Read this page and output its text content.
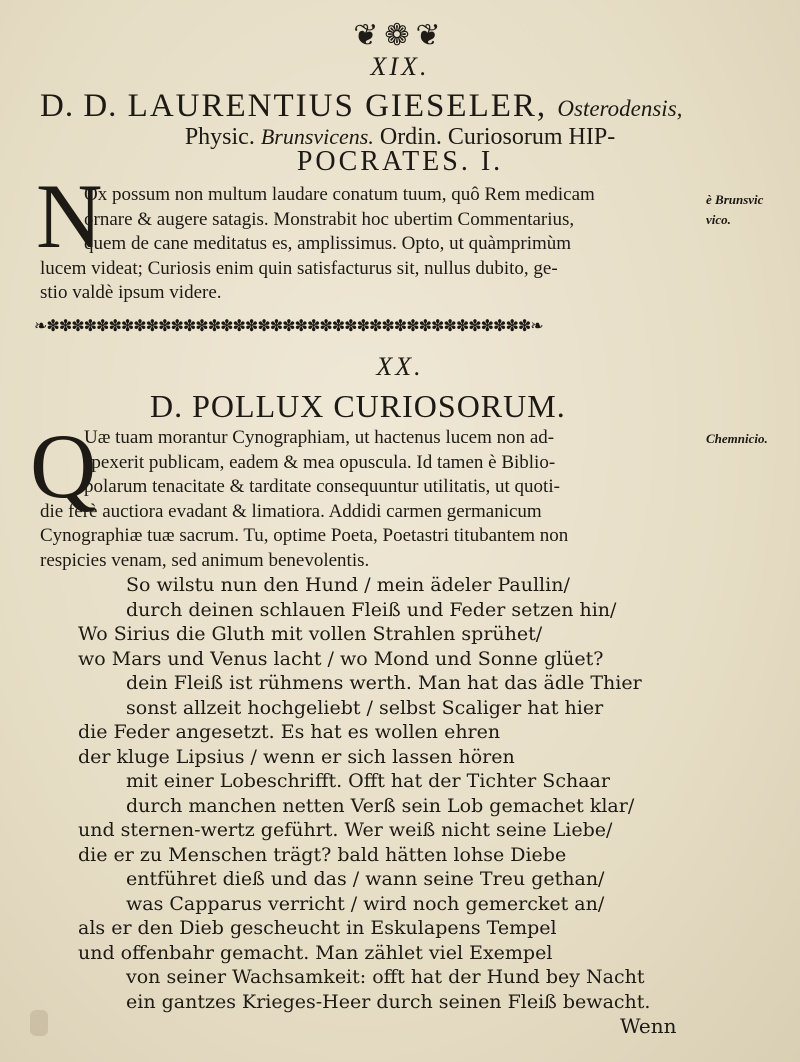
❦❁❦
XIX.
D. D. LAURENTIUS GIESELER, Osterodensis,
Physic. Brunsvicens. Ordin. Curiosorum HIP-
POCRATES. I.
N
Ox possum non multum laudare conatum tuum, quô Rem medicam
ornare & augere satagis. Monstrabit hoc ubertim Commentarius,
quem de cane meditatus es, amplissimus. Opto, ut quàmprimùm
lucem videat; Curiosis enim quin satisfacturus sit, nullus dubito, ge-
stio valdè ipsum videre.
è Brunsvic
vico.
❧✽✽✽✽✽✽✽✽✽✽✽✽✽✽✽✽✽✽✽✽✽✽✽✽✽✽✽✽✽✽✽✽✽✽✽✽✽✽✽❧
XX.
D. POLLUX CURIOSORUM.
Q
Uæ tuam morantur Cynographiam, ut hactenus lucem non ad-
spexerit publicam, eadem & mea opuscula. Id tamen è Biblio-
polarum tenacitate & tarditate consequuntur utilitatis, ut quoti-
die ferè auctiora evadant & limatiora. Addidi carmen germanicum
Cynographiæ tuæ sacrum. Tu, optime Poeta, Poetastri titubantem non
respicies venam, sed animum benevolentis.
Chemnicio.
So wilstu nun den Hund / mein ädeler Paullin/
durch deinen schlauen Fleiß und Feder setzen hin/
Wo Sirius die Gluth mit vollen Strahlen sprühet/
wo Mars und Venus lacht / wo Mond und Sonne glüet?
dein Fleiß ist rühmens werth. Man hat das ädle Thier
sonst allzeit hochgeliebt / selbst Scaliger hat hier
die Feder angesetzt. Es hat es wollen ehren
der kluge Lipsius / wenn er sich lassen hören
mit einer Lobeschrifft. Offt hat der Tichter Schaar
durch manchen netten Verß sein Lob gemachet klar/
und sternen-wertz geführt. Wer weiß nicht seine Liebe/
die er zu Menschen trägt? bald hätten lohse Diebe
entführet dieß und das / wann seine Treu gethan/
was Capparus verricht / wird noch gemercket an/
als er den Dieb gescheucht in Eskulapens Tempel
und offenbahr gemacht. Man zählet viel Exempel
von seiner Wachsamkeit: offt hat der Hund bey Nacht
ein gantzes Krieges-Heer durch seinen Fleiß bewacht.
Wenn
